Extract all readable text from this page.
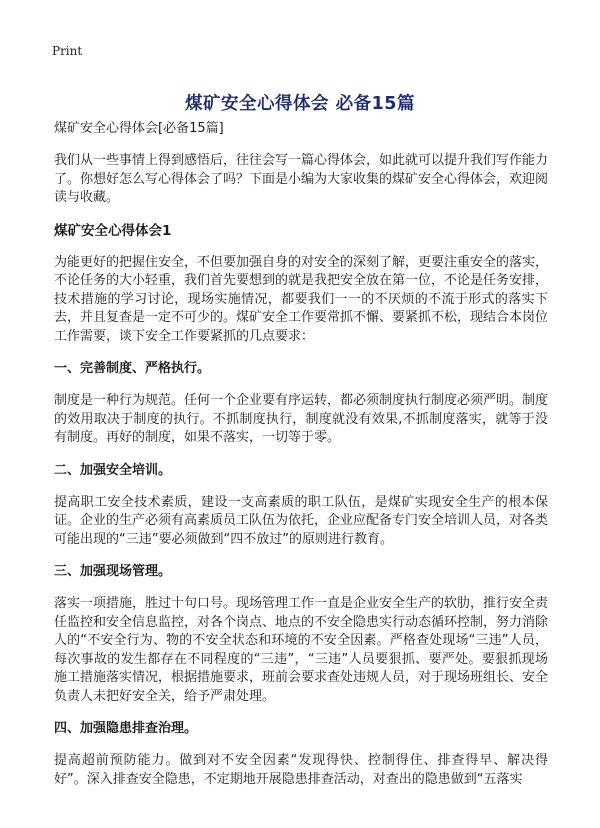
Print
煤矿安全心得体会 必备15篇
煤矿安全心得体会[必备15篇]

我们从一些事情上得到感悟后，往往会写一篇心得体会，如此就可以提升我们写作能力了。你想好怎么写心得体会了吗？下面是小编为大家收集的煤矿安全心得体会，欢迎阅读与收藏。

煤矿安全心得体会1

为能更好的把握住安全，不但要加强自身的对安全的深刻了解，更要注重安全的落实，不论任务的大小轻重，我们首先要想到的就是我把安全放在第一位，不论是任务安排，技术措施的学习讨论，现场实施情况，都要我们一一的不厌烦的不流于形式的落实下去，并且复查是一定不可少的。煤矿安全工作要常抓不懈、要紧抓不松，现结合本岗位工作需要，谈下安全工作要紧抓的几点要求：

一、完善制度、严格执行。

制度是一种行为规范。任何一个企业要有序运转，都必须制度执行制度必须严明。制度的效用取决于制度的执行。不抓制度执行，制度就没有效果,不抓制度落实，就等于没有制度。再好的制度，如果不落实，一切等于零。

二、加强安全培训。

提高职工安全技术素质，建设一支高素质的职工队伍，是煤矿实现安全生产的根本保证。企业的生产必须有高素质员工队伍为依托，企业应配备专门安全培训人员，对各类可能出现的“三违”要必须做到“四不放过”的原则进行教育。

三、加强现场管理。

落实一项措施，胜过十句口号。现场管理工作一直是企业安全生产的软肋，推行安全责任监控和安全信息监控，对各个岗点、地点的不安全隐患实行动态循环控制，努力消除人的“不安全行为、物的不安全状态和环境的不安全因素。严格查处现场“三违”人员，每次事故的发生都存在不同程度的“三违”，“三违”人员要狠抓、要严处。要狠抓现场施工措施落实情况，根据措施要求，班前会要求查处违规人员，对于现场班组长、安全负责人未把好安全关，给予严肃处理。

四、加强隐患排查治理。

提高超前预防能力。做到对不安全因素“发现得快、控制得住、排查得早、解决得好”。深入排查安全隐患，不定期地开展隐患排查活动，对查出的隐患做到“五落实
